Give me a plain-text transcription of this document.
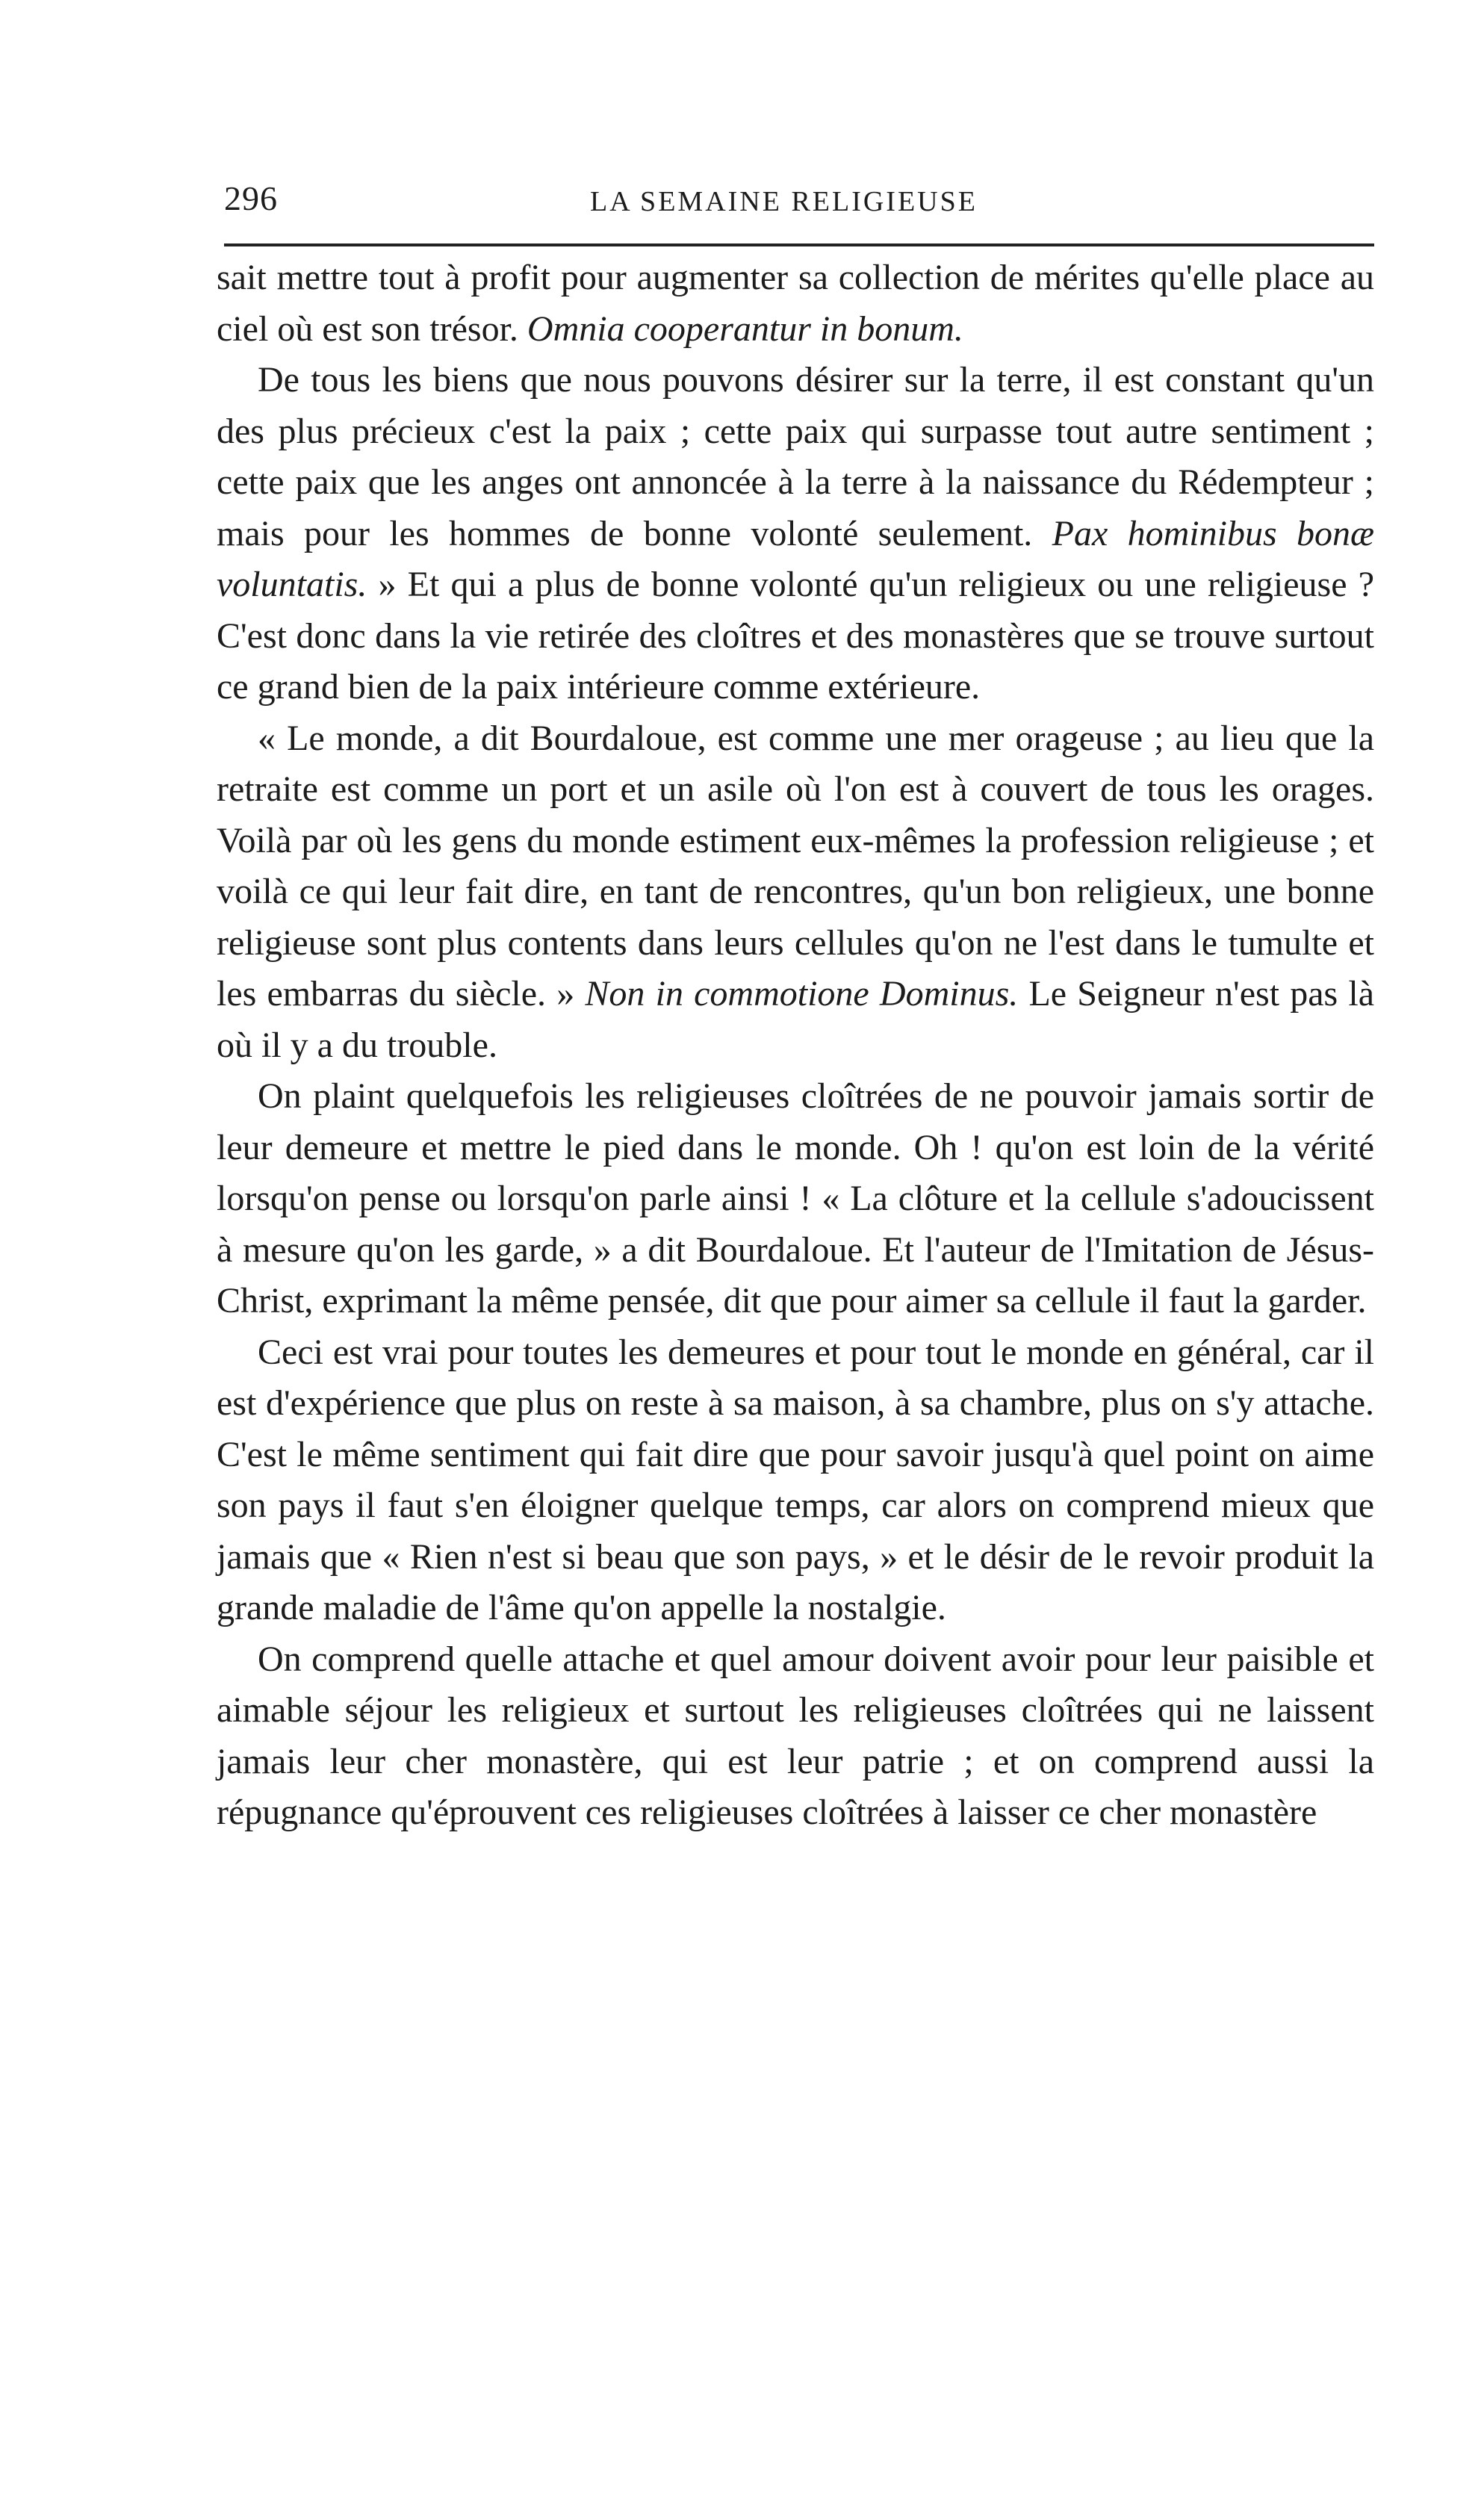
296	LA SEMAINE RELIGIEUSE

sait mettre tout à profit pour augmenter sa collection de mérites qu'elle place au ciel où est son trésor. Omnia cooperantur in bonum.

De tous les biens que nous pouvons désirer sur la terre, il est constant qu'un des plus précieux c'est la paix ; cette paix qui surpasse tout autre sentiment ; cette paix que les anges ont annoncée à la terre à la naissance du Rédempteur ; mais pour les hommes de bonne volonté seulement. Pax hominibus bonæ voluntatis. » Et qui a plus de bonne volonté qu'un religieux ou une religieuse ? C'est donc dans la vie retirée des cloîtres et des monastères que se trouve surtout ce grand bien de la paix intérieure comme extérieure.

« Le monde, a dit Bourdaloue, est comme une mer orageuse ; au lieu que la retraite est comme un port et un asile où l'on est à couvert de tous les orages. Voilà par où les gens du monde estiment eux-mêmes la profession religieuse ; et voilà ce qui leur fait dire, en tant de rencontres, qu'un bon religieux, une bonne religieuse sont plus contents dans leurs cellules qu'on ne l'est dans le tumulte et les embarras du siècle. » Non in commotione Dominus. Le Seigneur n'est pas là où il y a du trouble.

On plaint quelquefois les religieuses cloîtrées de ne pouvoir jamais sortir de leur demeure et mettre le pied dans le monde. Oh ! qu'on est loin de la vérité lorsqu'on pense ou lorsqu'on parle ainsi ! « La clôture et la cellule s'adoucissent à mesure qu'on les garde, » a dit Bourdaloue. Et l'auteur de l'Imitation de Jésus-Christ, exprimant la même pensée, dit que pour aimer sa cellule il faut la garder.

Ceci est vrai pour toutes les demeures et pour tout le monde en général, car il est d'expérience que plus on reste à sa maison, à sa chambre, plus on s'y attache. C'est le même sentiment qui fait dire que pour savoir jusqu'à quel point on aime son pays il faut s'en éloigner quelque temps, car alors on comprend mieux que jamais que « Rien n'est si beau que son pays, » et le désir de le revoir produit la grande maladie de l'âme qu'on appelle la nostalgie.

On comprend quelle attache et quel amour doivent avoir pour leur paisible et aimable séjour les religieux et surtout les religieuses cloîtrées qui ne laissent jamais leur cher monastère, qui est leur patrie ; et on comprend aussi la répugnance qu'éprouvent ces religieuses cloîtrées à laisser ce cher monastère
